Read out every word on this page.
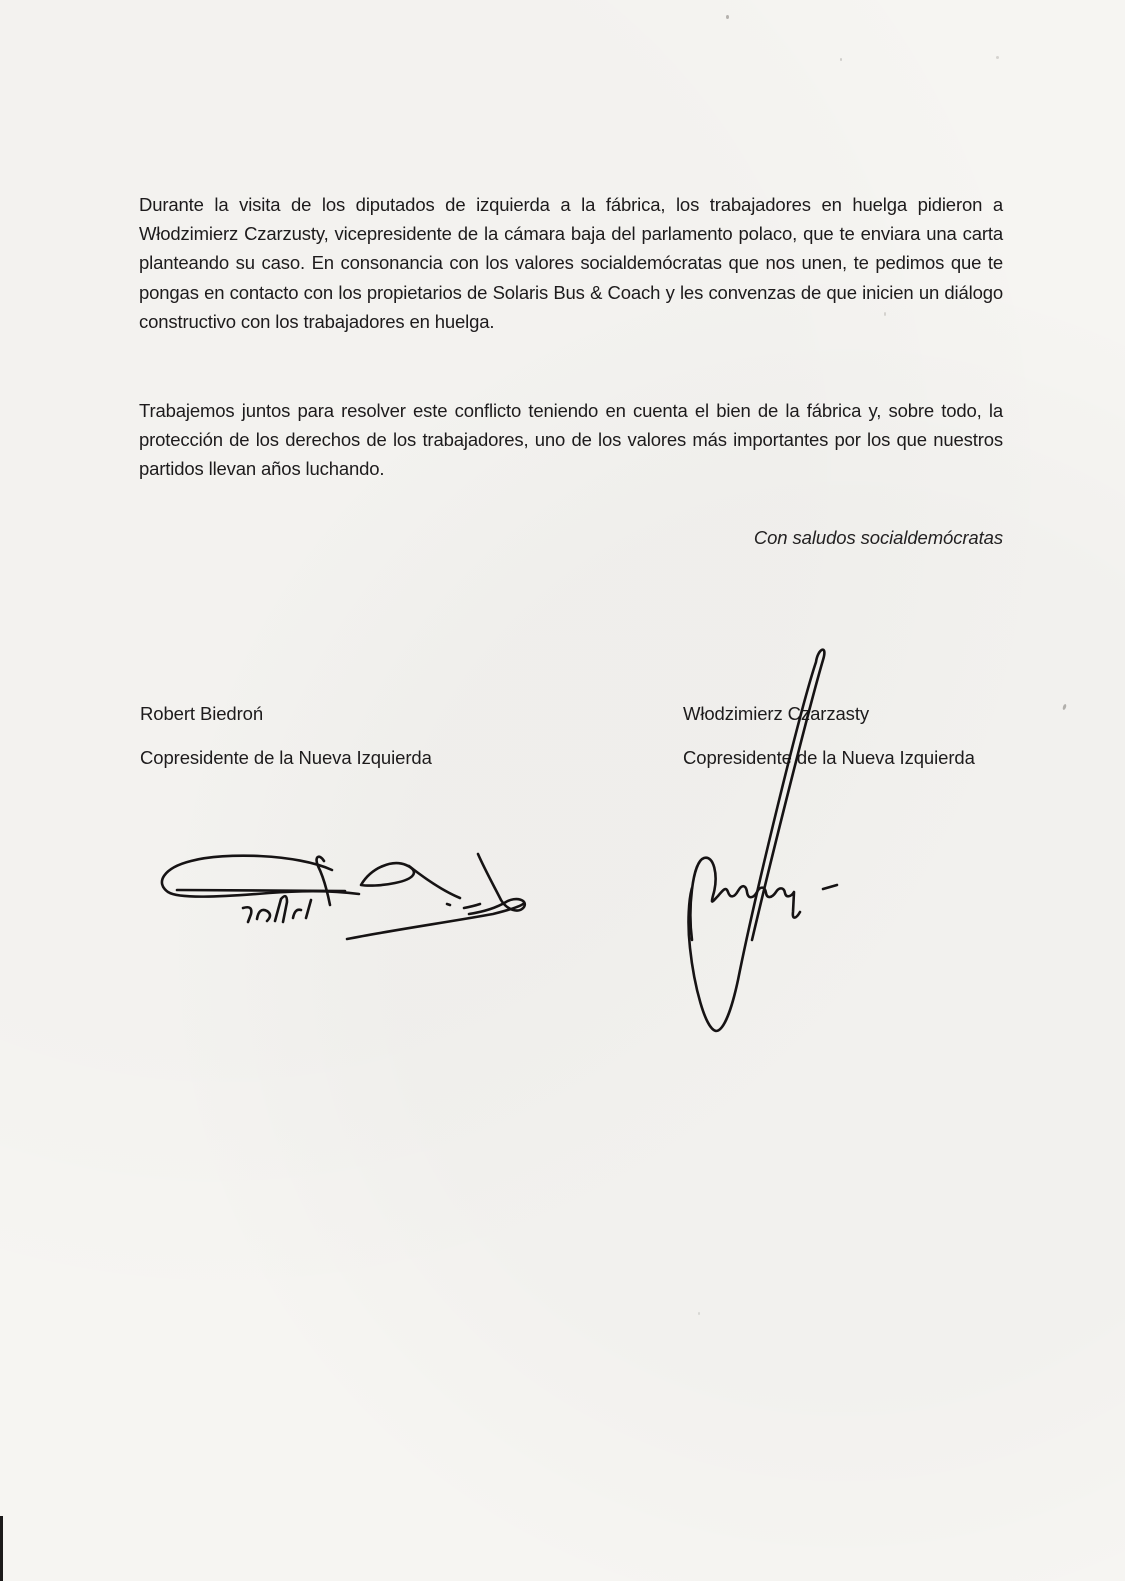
Durante la visita de los diputados de izquierda a la fábrica, los trabajadores en huelga pidieron a Włodzimierz Czarzusty, vicepresidente de la cámara baja del parlamento polaco, que te enviara una carta planteando su caso. En consonancia con los valores socialdemócratas que nos unen, te pedimos que te pongas en contacto con los propietarios de Solaris Bus & Coach y les convenzas de que inicien un diálogo constructivo con los trabajadores en huelga.

Trabajemos juntos para resolver este conflicto teniendo en cuenta el bien de la fábrica y, sobre todo, la protección de los derechos de los trabajadores, uno de los valores más importantes por los que nuestros partidos llevan años luchando.

Con saludos socialdemócratas
Robert Biedroń
Copresidente de la Nueva Izquierda
Włodzimierz Czarzasty
Copresidente de la Nueva Izquierda
